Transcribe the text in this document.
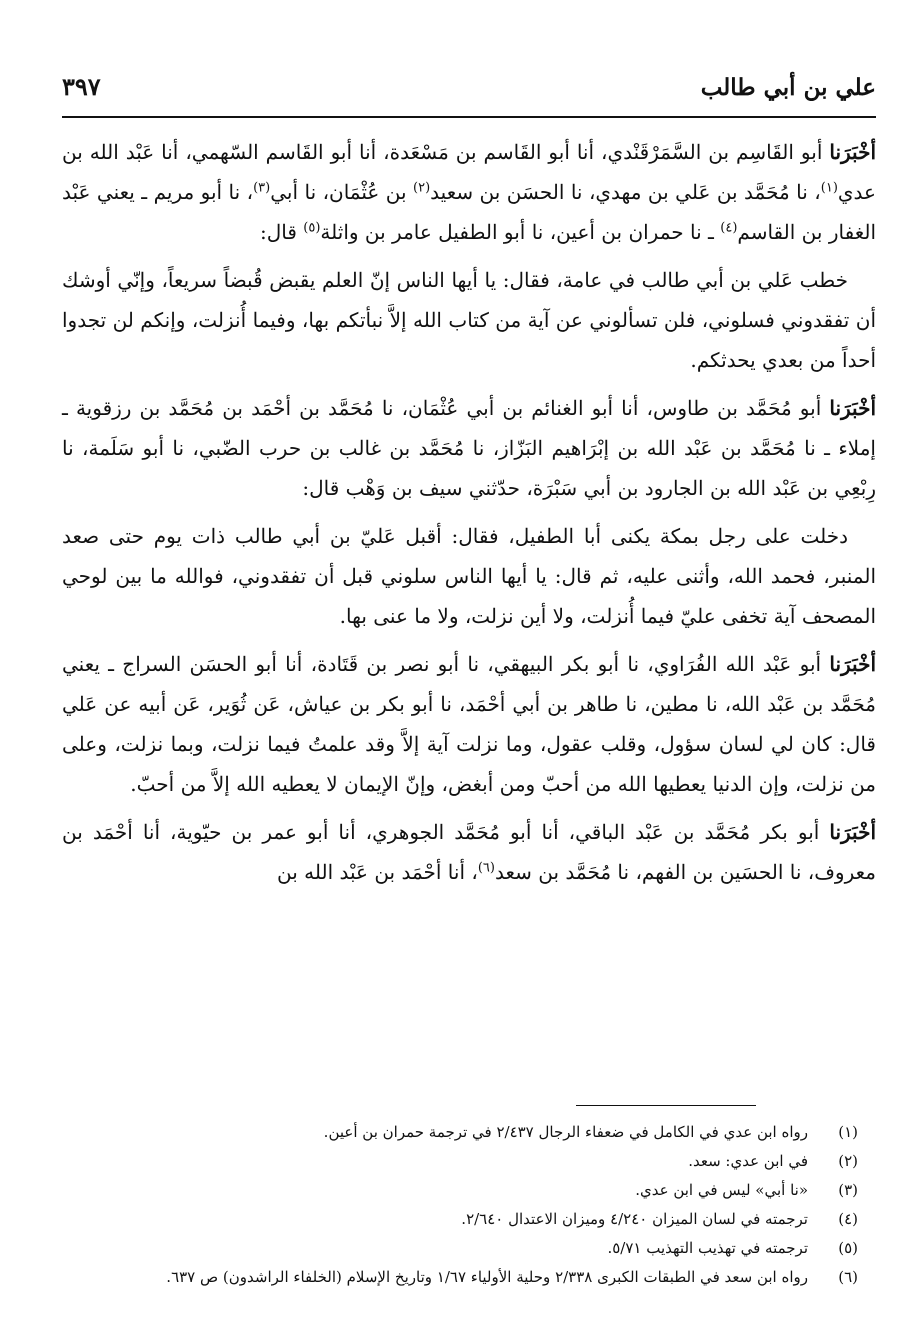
علي بن أبي طالب
٣٩٧

أخْبَرَنا أبو القَاسِم بن السَّمَرْقَنْدي، أنا أبو القَاسم بن مَسْعَدة، أنا أبو القَاسم السّهمي، أنا عَبْد الله بن عدي$^{(١)}$، نا مُحَمَّد بن عَلي بن مهدي، نا الحسَن بن سعيد$^{(٢)}$ بن عُثْمَان، نا أبي$^{(٣)}$، نا أبو مريم ـ يعني عَبْد الغفار بن القاسم$^{(٤)}$ ـ نا حمران بن أعين، نا أبو الطفيل عامر بن واثلة$^{(٥)}$ قال:

خطب عَلي بن أبي طالب في عامة، فقال: يا أيها الناس إنّ العلم يقبض قُبضاً سريعاً، وإنّي أوشك أن تفقدوني فسلوني، فلن تسألوني عن آية من كتاب الله إلاَّ نبأتكم بها، وفيما أُنزلت، وإنكم لن تجدوا أحداً من بعدي يحدثكم.

أخْبَرَنا أبو مُحَمَّد بن طاوس، أنا أبو الغنائم بن أبي عُثْمَان، نا مُحَمَّد بن أحْمَد بن مُحَمَّد بن رزقوية ـ إملاء ـ نا مُحَمَّد بن عَبْد الله بن إبْرَاهيم البَزّاز، نا مُحَمَّد بن غالب بن حرب الضّبي، نا أبو سَلَمة، نا رِبْعِي بن عَبْد الله بن الجارود بن أبي سَبْرَة، حدّثني سيف بن وَهْب قال:

دخلت على رجل بمكة يكنى أبا الطفيل، فقال: أقبل عَليّ بن أبي طالب ذات يوم حتى صعد المنبر، فحمد الله، وأثنى عليه، ثم قال: يا أيها الناس سلوني قبل أن تفقدوني، فوالله ما بين لوحي المصحف آية تخفى عليّ فيما أُنزلت، ولا أين نزلت، ولا ما عنى بها.

أخْبَرَنا أبو عَبْد الله الفُرَاوي، نا أبو بكر البيهقي، نا أبو نصر بن قَتَادة، أنا أبو الحسَن السراج ـ يعني مُحَمَّد بن عَبْد الله، نا مطين، نا طاهر بن أبي أحْمَد، نا أبو بكر بن عياش، عَن ثُوَير، عَن أبيه عن عَلي قال: كان لي لسان سؤول، وقلب عقول، وما نزلت آية إلاَّ وقد علمتُ فيما نزلت، وبما نزلت، وعلى من نزلت، وإن الدنيا يعطيها الله من أحبّ ومن أبغض، وإنّ الإيمان لا يعطيه الله إلاَّ من أحبّ.

أخْبَرَنا أبو بكر مُحَمَّد بن عَبْد الباقي، أنا أبو مُحَمَّد الجوهري، أنا أبو عمر بن حيّوية، أنا أحْمَد بن معروف، نا الحسَين بن الفهم، نا مُحَمَّد بن سعد$^{(٦)}$، أنا أحْمَد بن عَبْد الله بن

(١)
رواه ابن عدي في الكامل في ضعفاء الرجال ٢/٤٣٧ في ترجمة حمران بن أعين.
(٢)
في ابن عدي: سعد.
(٣)
«نا أبي» ليس في ابن عدي.
(٤)
ترجمته في لسان الميزان ٤/٢٤٠ وميزان الاعتدال ٢/٦٤٠.
(٥)
ترجمته في تهذيب التهذيب ٥/٧١.
(٦)
رواه ابن سعد في الطبقات الكبرى ٢/٣٣٨ وحلية الأولياء ١/٦٧ وتاريخ الإسلام (الخلفاء الراشدون) ص ٦٣٧.
